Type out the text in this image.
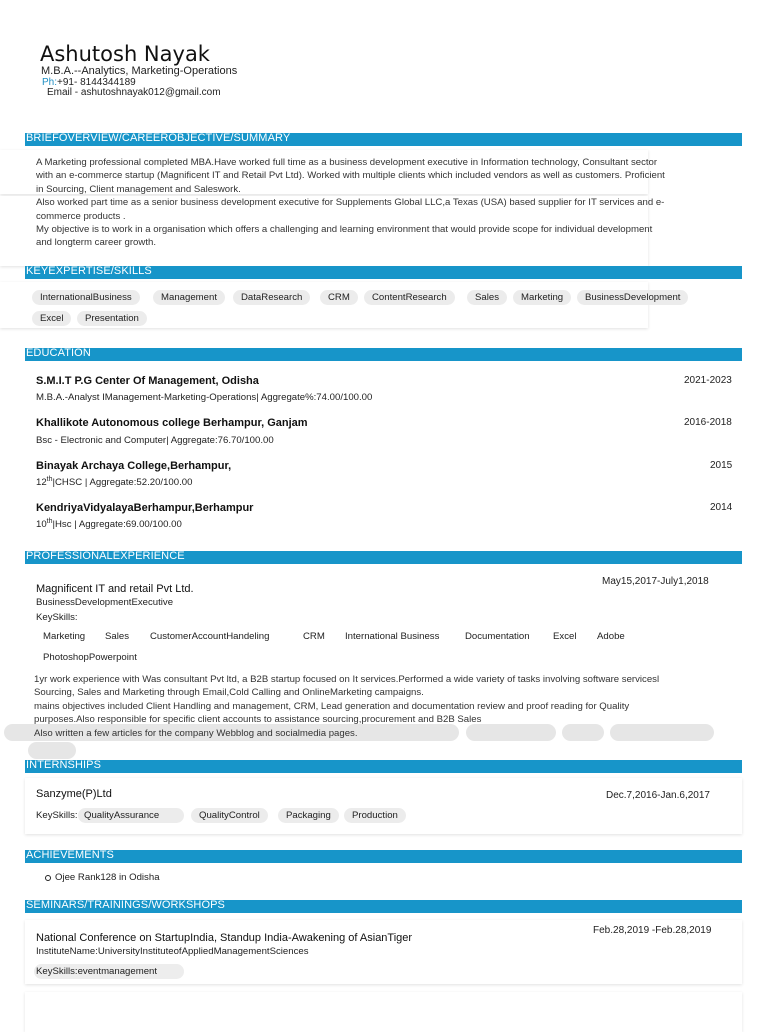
Ashutosh Nayak
M.B.A.--Analytics, Marketing-Operations
Ph:+91- 8144344189
Email - ashutoshnayak012@gmail.com
BRIEFOVERVIEW/CAREEROBJECTIVE/SUMMARY
A Marketing professional completed MBA.Have worked full time as a business development executive in Information technology, Consultant sector
with an e-commerce startup (Magnificent IT and Retail Pvt Ltd). Worked with multiple clients which included vendors as well as customers. Proficient
in Sourcing, Client management and Saleswork.
Also worked part time as a senior business development executive for Supplements Global LLC,a Texas (USA) based supplier for IT services and e-
commerce products .
My objective is to work in a organisation which offers a challenging and learning environment that would provide scope for individual development
and longterm career growth.
KEYEXPERTISE/SKILLS
InternationalBusiness	Management	DataResearch	CRM	ContentResearch	Sales	Marketing	BusinessDevelopment
Excel	Presentation
EDUCATION
S.M.I.T P.G Center Of Management, Odisha
M.B.A.-Analyst IManagement-Marketing-Operations| Aggregate%:74.00/100.00
2021-2023
Khallikote Autonomous college Berhampur, Ganjam
Bsc - Electronic and Computer| Aggregate:76.70/100.00
2016-2018
Binayak Archaya College,Berhampur,
12th|CHSC | Aggregate:52.20/100.00
2015
KendriyaVidyalayaBerhampur,Berhampur
10th|Hsc | Aggregate:69.00/100.00
2014
PROFESSIONALEXPERIENCE
Magnificent IT and retail Pvt Ltd.
BusinessDevelopmentExecutive
May15,2017-July1,2018
KeySkills:
Marketing Sales CustomerAccountHandeling	CRM International Business	Documentation Excel Adobe
PhotoshopPowerpoint
1yr work experience with Was consultant Pvt ltd, a B2B startup focused on It services.Performed a wide variety of tasks involving software servicesl
Sourcing, Sales and Marketing through Email,Cold Calling and OnlineMarketing campaigns.
mains objectives included Client Handling and management, CRM, Lead generation and documentation review and proof reading for Quality
purposes.Also responsible for specific client accounts to assistance sourcing,procurement and B2B Sales
Also written a few articles for the company Webblog and socialmedia pages.
INTERNSHIPS
Sanzyme(P)Ltd	Dec.7,2016-Jan.6,2017
KeySkills: QualityAssurance	QualityControl	Packaging	Production
ACHIEVEMENTS
Ojee Rank128 in Odisha
SEMINARS/TRAININGS/WORKSHOPS
National Conference on StartupIndia, Standup India-Awakening of AsianTiger
InstituteName:UniversityInstituteofAppliedManagementSciences
Feb.28,2019 -Feb.28,2019
KeySkills:eventmanagement
